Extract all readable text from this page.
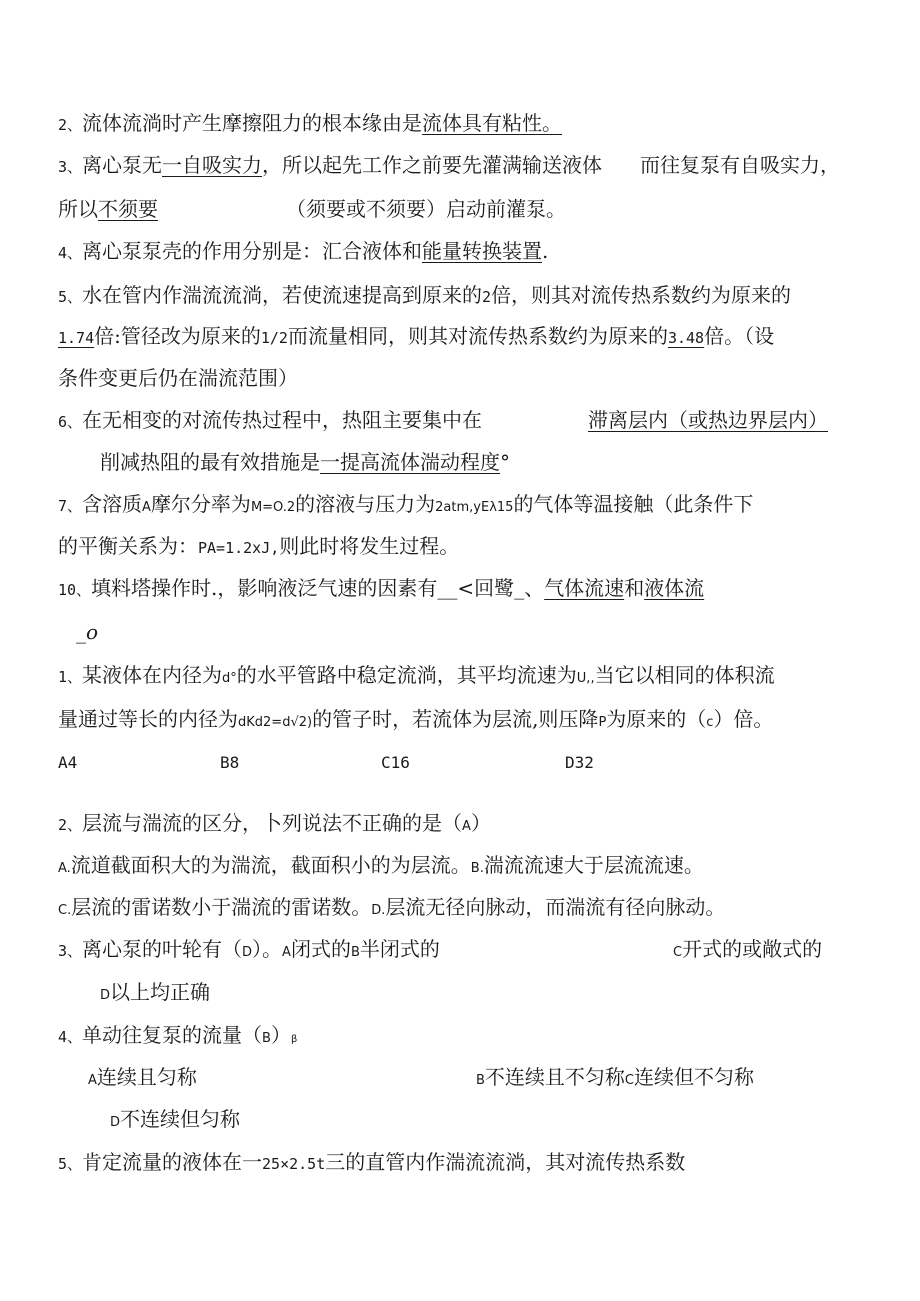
2、流体流淌时产生摩擦阻力的根本缘由是流体具有粘性。
3、离心泵无一自吸实力，所以起先工作之前要先灌满输送液体 而往复泵有自吸实力，
所以不须要	（须要或不须要）启动前灌泵。
4、离心泵泵壳的作用分别是：汇合液体和能量转换装置.
5、水在管内作湍流流淌，若使流速提高到原来的2倍，则其对流传热系数约为原来的
1.74倍:管径改为原来的1/2而流量相同，则其对流传热系数约为原来的3.48倍。（设
条件变更后仍在湍流范围）
6、在无相变的对流传热过程中，热阻主要集中在	滞离层内（或热边界层内）
削减热阻的最有效措施是一提高流体湍动程度°
7、含溶质A摩尔分率为M=O.2的溶液与压力为2atm,yEλ15的气体等温接触（此条件下
的平衡关系为：PA=1.2xJ,则此时将发生过程。
10、填料塔操作时.，影响液泛气速的因素有__<回鹭_、气体流速和液体流
_o
1、某液体在内径为d°的水平管路中稳定流淌，其平均流速为U,,当它以相同的体积流
量通过等长的内径为dKd2=d√2)的管子时，若流体为层流,则压降P为原来的（c）倍。
A4	B8	C16	D32
2、层流与湍流的区分，卜列说法不正确的是（A）
A.流道截面积大的为湍流，截面积小的为层流。B.湍流流速大于层流流速。
C.层流的雷诺数小于湍流的雷诺数。D.层流无径向脉动，而湍流有径向脉动。
3、离心泵的叶轮有（D）。A闭式的B半闭式的	C开式的或敞式的
D以上均正确
4、单动往复泵的流量（B）β
A连续且匀称	B不连续且不匀称C连续但不匀称
D不连续但匀称
5、肯定流量的液体在一25×2.5t三的直管内作湍流流淌，其对流传热系数
